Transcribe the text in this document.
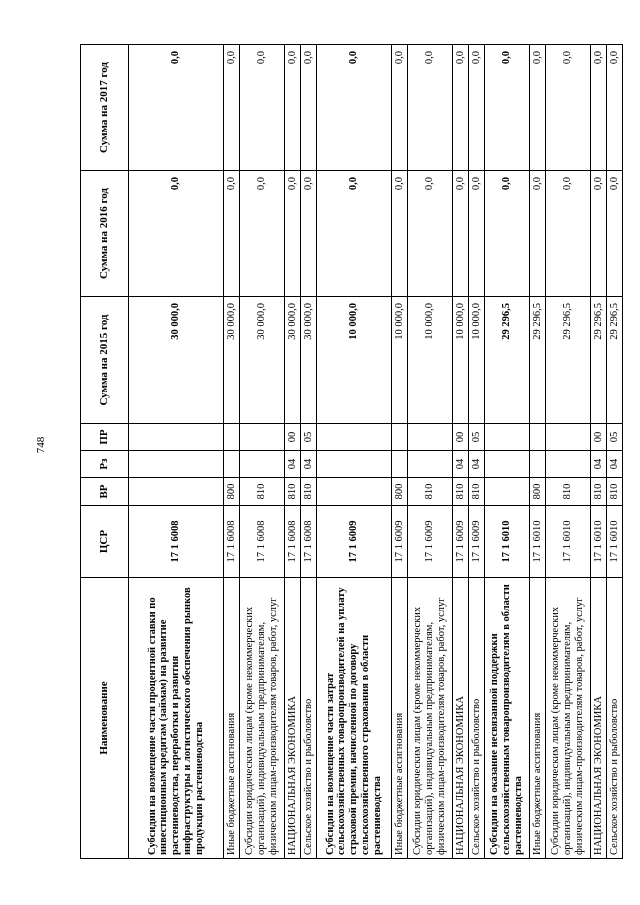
748
Наименование	ЦСР	ВР	Рз	ПР	Сумма на 2015 год	Сумма на 2016 год	Сумма на 2017 год
Субсидии на возмещение части процентной ставки по инвестиционным кредитам (займам) на развитие растениеводства, переработки и развития инфраструктуры и логистического обеспечения рынков продукции растениеводства	17 1 6008				30 000,0	0,0	0,0
Иные бюджетные ассигнования	17 1 6008	800			30 000,0	0,0	0,0
Субсидии юридическим лицам (кроме некоммерческих организаций), индивидуальным предпринимателям, физическим лицам-производителям товаров, работ, услуг	17 1 6008	810			30 000,0	0,0	0,0
НАЦИОНАЛЬНАЯ ЭКОНОМИКА	17 1 6008	810	04	00	30 000,0	0,0	0,0
Сельское хозяйство и рыболовство	17 1 6008	810	04	05	30 000,0	0,0	0,0
Субсидии на возмещение части затрат сельскохозяйственных товаропроизводителей на уплату страховой премии, начисленной по договору сельскохозяйственного страхования в области растениеводства	17 1 6009				10 000,0	0,0	0,0
Иные бюджетные ассигнования	17 1 6009	800			10 000,0	0,0	0,0
Субсидии юридическим лицам (кроме некоммерческих организаций), индивидуальным предпринимателям, физическим лицам-производителям товаров, работ, услуг	17 1 6009	810			10 000,0	0,0	0,0
НАЦИОНАЛЬНАЯ ЭКОНОМИКА	17 1 6009	810	04	00	10 000,0	0,0	0,0
Сельское хозяйство и рыболовство	17 1 6009	810	04	05	10 000,0	0,0	0,0
Субсидии на оказание несвязанной поддержки сельскохозяйственным товаропроизводителям в области растениеводства	17 1 6010				29 296,5	0,0	0,0
Иные бюджетные ассигнования	17 1 6010	800			29 296,5	0,0	0,0
Субсидии юридическим лицам (кроме некоммерческих организаций), индивидуальным предпринимателям, физическим лицам-производителям товаров, работ, услуг	17 1 6010	810			29 296,5	0,0	0,0
НАЦИОНАЛЬНАЯ ЭКОНОМИКА	17 1 6010	810	04	00	29 296,5	0,0	0,0
Сельское хозяйство и рыболовство	17 1 6010	810	04	05	29 296,5	0,0	0,0
